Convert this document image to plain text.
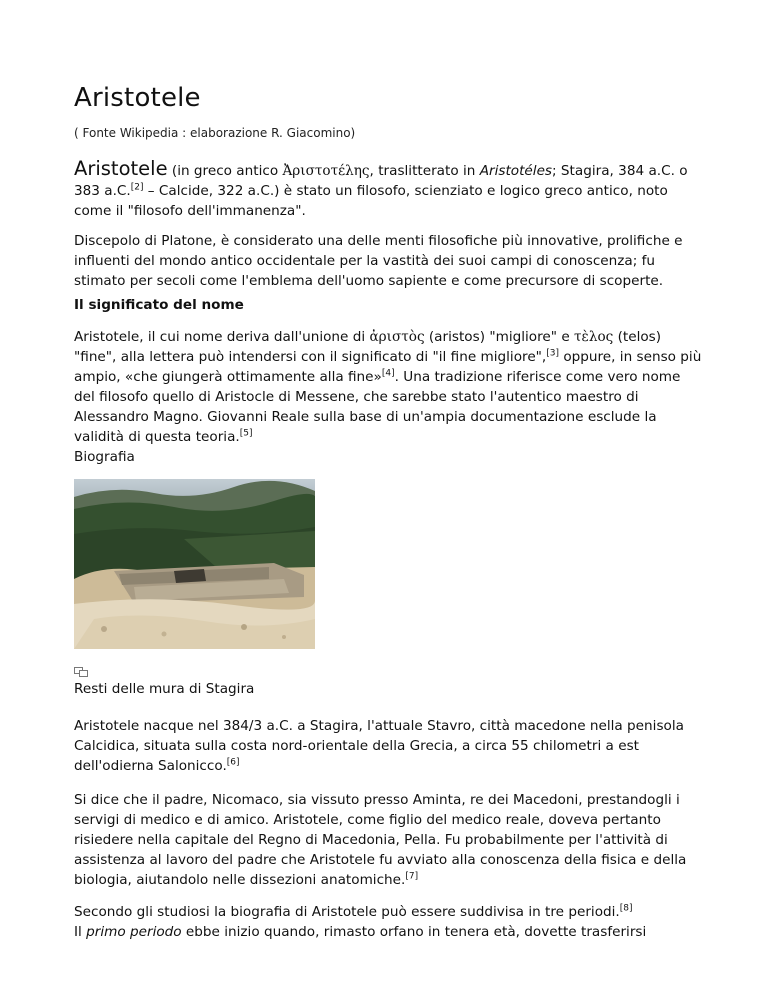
Aristotele
( Fonte Wikipedia : elaborazione R. Giacomino)

Aristotele (in greco antico Ἀριστοτέλης, traslitterato in Aristotéles; Stagira, 384 a.C. o 383 a.C.[2] – Calcide, 322 a.C.) è stato un filosofo, scienziato e logico greco antico, noto come il "filosofo dell'immanenza".

Discepolo di Platone, è considerato una delle menti filosofiche più innovative, prolifiche e influenti del mondo antico occidentale per la vastità dei suoi campi di conoscenza; fu stimato per secoli come l'emblema dell'uomo sapiente e come precursore di scoperte.

Il significato del nome

Aristotele, il cui nome deriva dall'unione di ἀριστὸς (aristos) "migliore" e τὲλος (telos) "fine", alla lettera può intendersi con il significato di "il fine migliore",[3] oppure, in senso più ampio, «che giungerà ottimamente alla fine»[4]. Una tradizione riferisce come vero nome del filosofo quello di Aristocle di Messene, che sarebbe stato l'autentico maestro di Alessandro Magno. Giovanni Reale sulla base di un'ampia documentazione esclude la validità di questa teoria.[5]

Biografia
Resti delle mura di Stagira

Aristotele nacque nel 384/3 a.C. a Stagira, l'attuale Stavro, città macedone nella penisola Calcidica, situata sulla costa nord-orientale della Grecia, a circa 55 chilometri a est dell'odierna Salonicco.[6]

Si dice che il padre, Nicomaco, sia vissuto presso Aminta, re dei Macedoni, prestandogli i servigi di medico e di amico. Aristotele, come figlio del medico reale, doveva pertanto risiedere nella capitale del Regno di Macedonia, Pella. Fu probabilmente per l'attività di assistenza al lavoro del padre che Aristotele fu avviato alla conoscenza della fisica e della biologia, aiutandolo nelle dissezioni anatomiche.[7]

Secondo gli studiosi la biografia di Aristotele può essere suddivisa in tre periodi.[8]
Il primo periodo ebbe inizio quando, rimasto orfano in tenera età, dovette trasferirsi
